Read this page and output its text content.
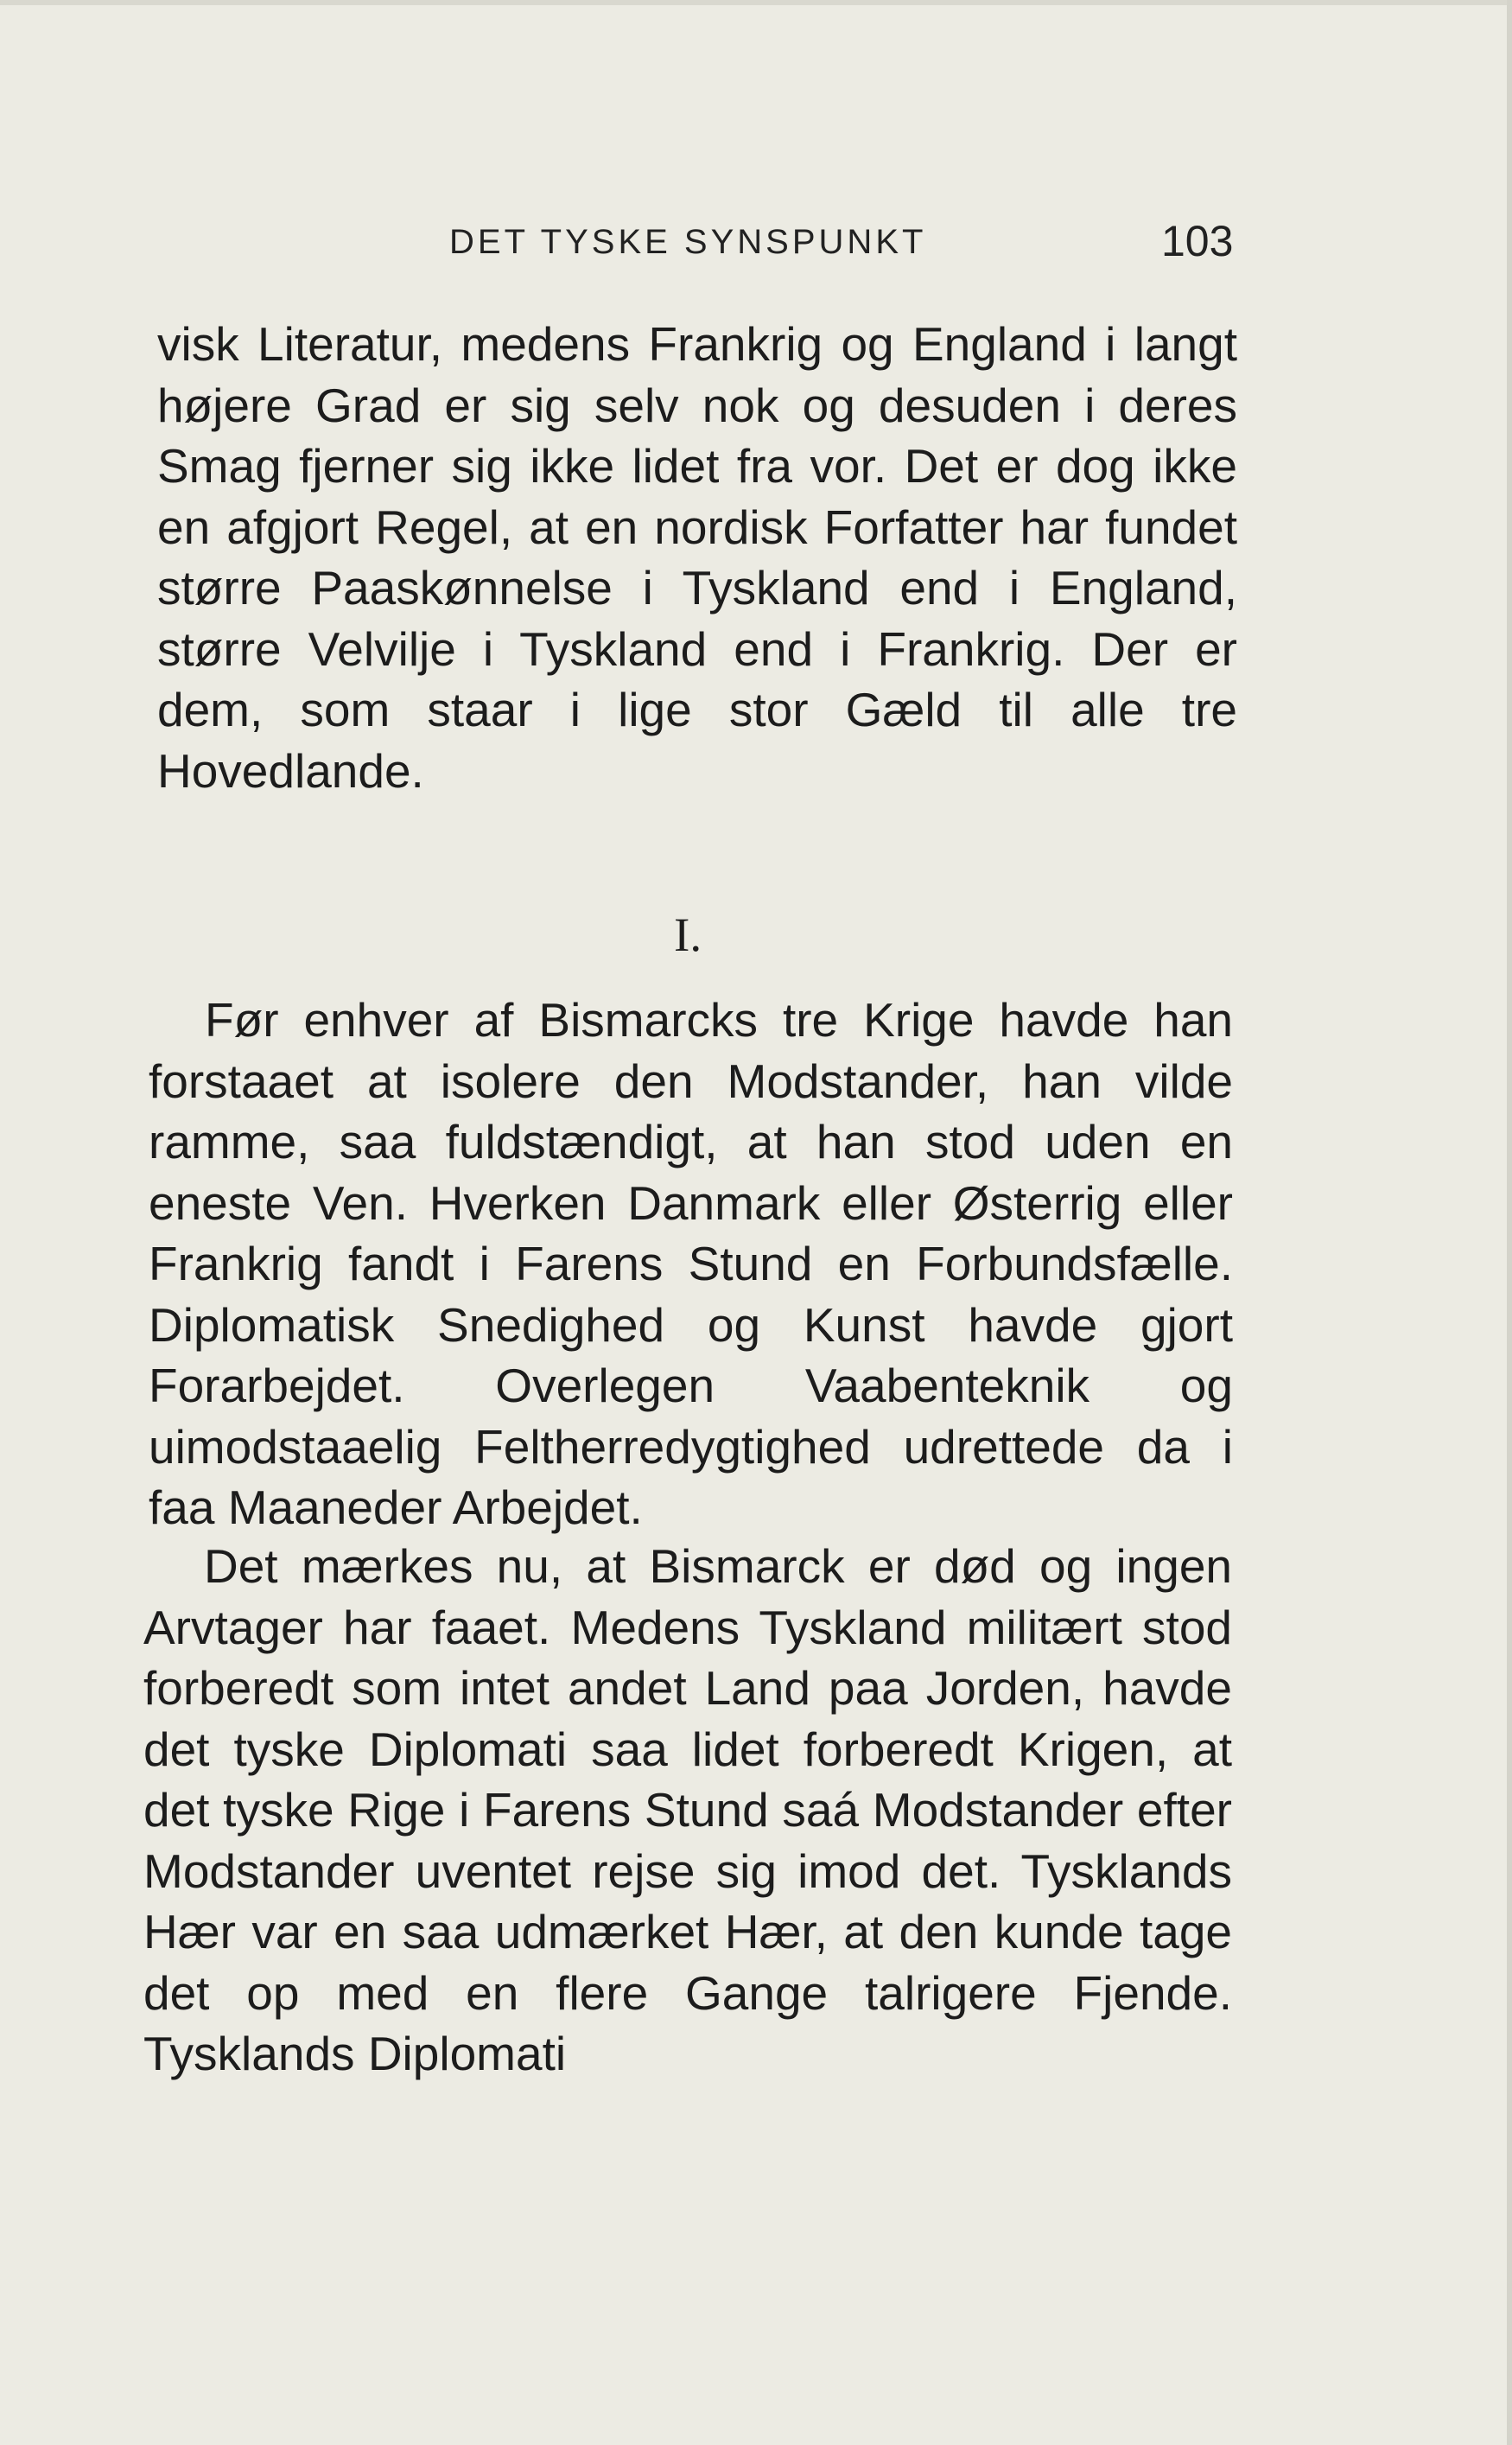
DET TYSKE SYNSPUNKT	103

visk Literatur, medens Frankrig og England i langt højere Grad er sig selv nok og desuden i deres Smag fjerner sig ikke lidet fra vor. Det er dog ikke en afgjort Regel, at en nordisk Forfatter har fundet større Paaskønnelse i Tyskland end i England, større Velvilje i Tyskland end i Frankrig. Der er dem, som staar i lige stor Gæld til alle tre Hovedlande.

I.

Før enhver af Bismarcks tre Krige havde han forstaaet at isolere den Modstander, han vilde ramme, saa fuldstændigt, at han stod uden en eneste Ven. Hverken Danmark eller Østerrig eller Frankrig fandt i Farens Stund en Forbundsfælle. Diplomatisk Snedighed og Kunst havde gjort Forarbejdet. Overlegen Vaabenteknik og uimodstaaelig Feltherredygtighed udrettede da i faa Maaneder Arbejdet.

Det mærkes nu, at Bismarck er død og ingen Arvtager har faaet. Medens Tyskland militært stod forberedt som intet andet Land paa Jorden, havde det tyske Diplomati saa lidet forberedt Krigen, at det tyske Rige i Farens Stund saá Modstander efter Modstander uventet rejse sig imod det. Tysklands Hær var en saa udmærket Hær, at den kunde tage det op med en flere Gange talrigere Fjende. Tysklands Diplomati
